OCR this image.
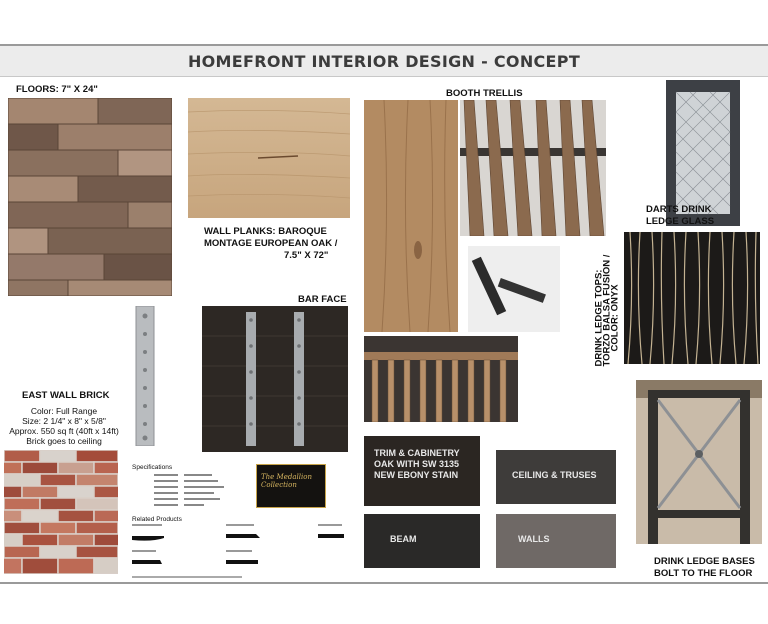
HOMEFRONT INTERIOR DESIGN - CONCEPT
FLOORS: 7" X 24"
WALL PLANKS: BAROQUE
MONTAGE EUROPEAN OAK /
7.5" X 72"
BOOTH TRELLIS
DARTS DRINK
LEDGE GLASS
DRINK LEDGE TOPS:
TORZO BALSA FUSION /
COLOR: ONYX
BAR FACE
EAST WALL BRICK
Color: Full Range
Size: 2 1/4" x 8" x 5/8"
Approx. 550 sq ft (40ft x 14ft)
Brick goes to ceiling
Specifications
The Medallion Collection
Related Products
TRIM & CABINETRY
OAK WITH SW 3135
NEW EBONY STAIN	CEILING & TRUSES
BEAM	WALLS
DRINK LEDGE BASES
BOLT TO THE FLOOR
